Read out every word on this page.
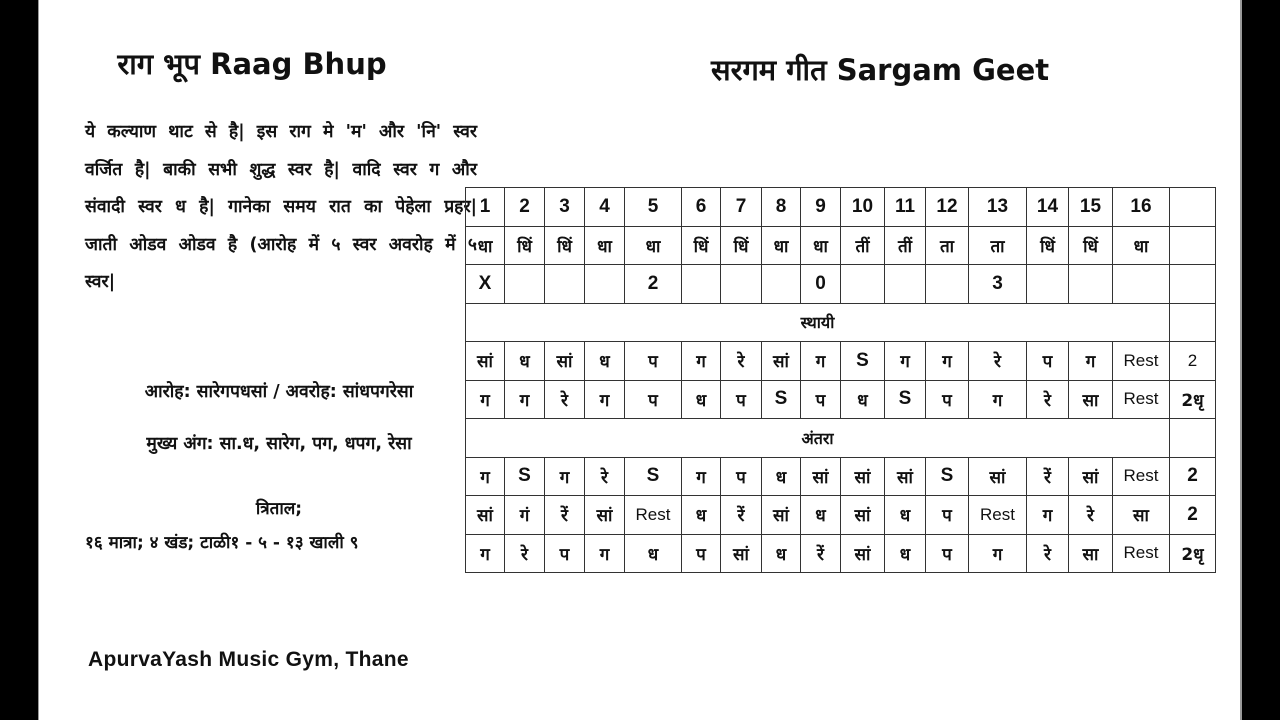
राग भूप Raag Bhup
ये कल्याण थाट से है| इस राग मे 'म' और 'नि' स्वर वर्जित है| बाकी सभी शुद्ध स्वर है| वादि स्वर ग और संवादी स्वर ध है| गानेका समय रात का पेहेला प्रहर| जाती ओडव ओडव है (आरोह में ५ स्वर अवरोह में ५ स्वर|
आरोह: सारेगपधसां / अवरोह: सांधपगरेसा
मुख्य अंग: सा.ध, सारेग, पग, धपग, रेसा
त्रिताल;
१६ मात्रा; ४ खंड; टाळी१ - ५ - १३ खाली ९
ApurvaYash Music Gym, Thane
सरगम गीत Sargam Geet
1	2	3	4	5	6	7	8	9	10	11	12	13	14	15	16	
धा	धिं	धिं	धा	धा	धिं	धिं	धा	धा	तीं	तीं	ता	ता	धिं	धिं	धा	
X				2				0				3				
स्थायी																
सां	ध	सां	ध	प	ग	रे	सां	ग	S	ग	ग	रे	प	ग	Rest	2
ग	ग	रे	ग	प	ध	प	S	प	ध	S	प	ग	रे	सा	Rest	2धृ
अंतरा																
ग	S	ग	रे	S	ग	प	ध	सां	सां	सां	S	सां	रें	सां	Rest	2
सां	गं	रें	सां	Rest	ध	रें	सां	ध	सां	ध	प	Rest	ग	रे	सा	2
ग	रे	प	ग	ध	प	सां	ध	रें	सां	ध	प	ग	रे	सा	Rest	2धृ
